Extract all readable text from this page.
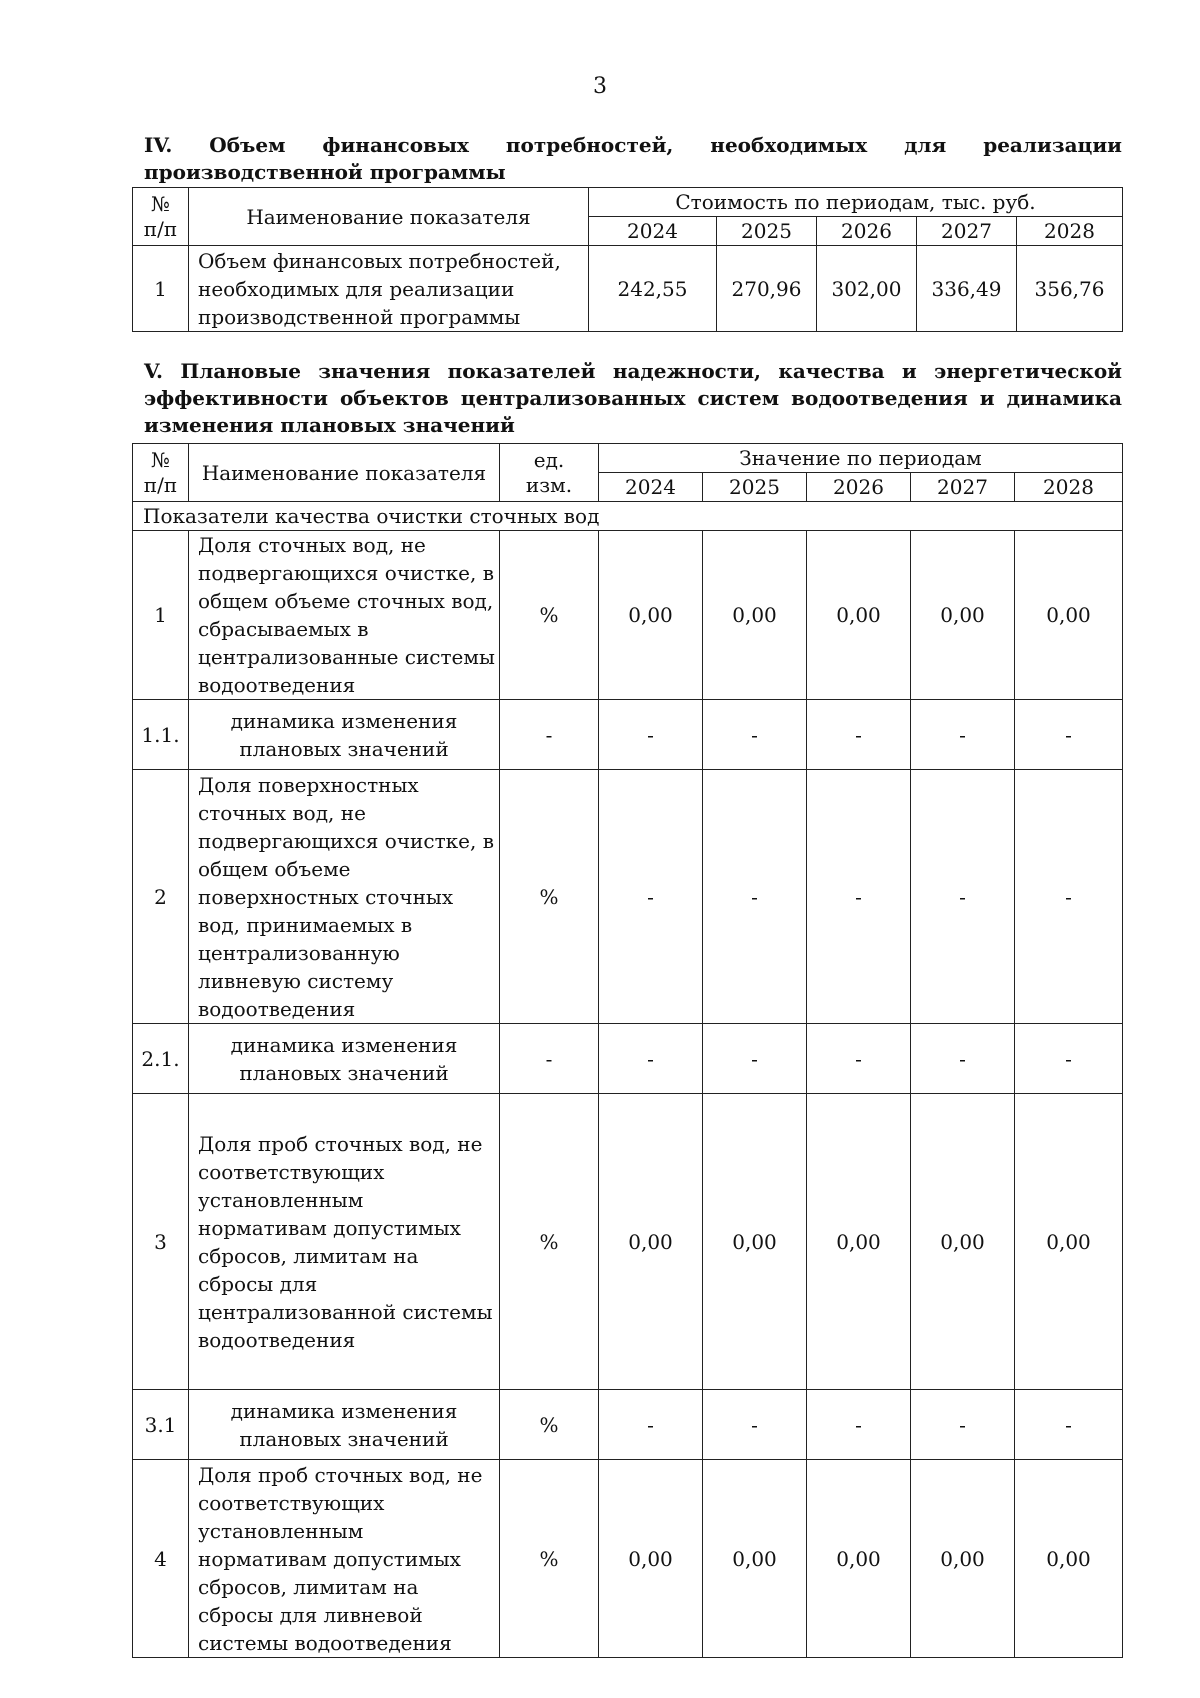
3
IV. Объем финансовых потребностей, необходимых для реализации производственной программы
№
п/п	Наименование показателя	Стоимость по периодам, тыс. руб.				
		2024	2025	2026	2027	2028
1	Объем финансовых потребностей, необходимых для реализации производственной программы	242,55	270,96	302,00	336,49	356,76
V. Плановые значения показателей надежности, качества и энергетической эффективности объектов централизованных систем водоотведения и динамика изменения плановых значений
№
п/п	Наименование показателя	ед.
изм.	Значение по периодам				
			2024	2025	2026	2027	2028
Показатели качества очистки сточных вод							
1	Доля сточных вод, не подвергающихся очистке, в общем объеме сточных вод, сбрасываемых в централизованные системы водоотведения	%	0,00	0,00	0,00	0,00	0,00
1.1.	динамика изменения плановых значений	-	-	-	-	-	-
2	Доля поверхностных сточных вод, не подвергающихся очистке, в общем объеме поверхностных сточных вод, принимаемых в централизованную ливневую систему водоотведения	%	-	-	-	-	-
2.1.	динамика изменения плановых значений	-	-	-	-	-	-
3	Доля проб сточных вод, не соответствующих установленным нормативам допустимых сбросов, лимитам на сбросы для централизованной системы водоотведения	%	0,00	0,00	0,00	0,00	0,00
3.1	динамика изменения плановых значений	%	-	-	-	-	-
4	Доля проб сточных вод, не соответствующих установленным нормативам допустимых сбросов, лимитам на сбросы для ливневой системы водоотведения	%	0,00	0,00	0,00	0,00	0,00
